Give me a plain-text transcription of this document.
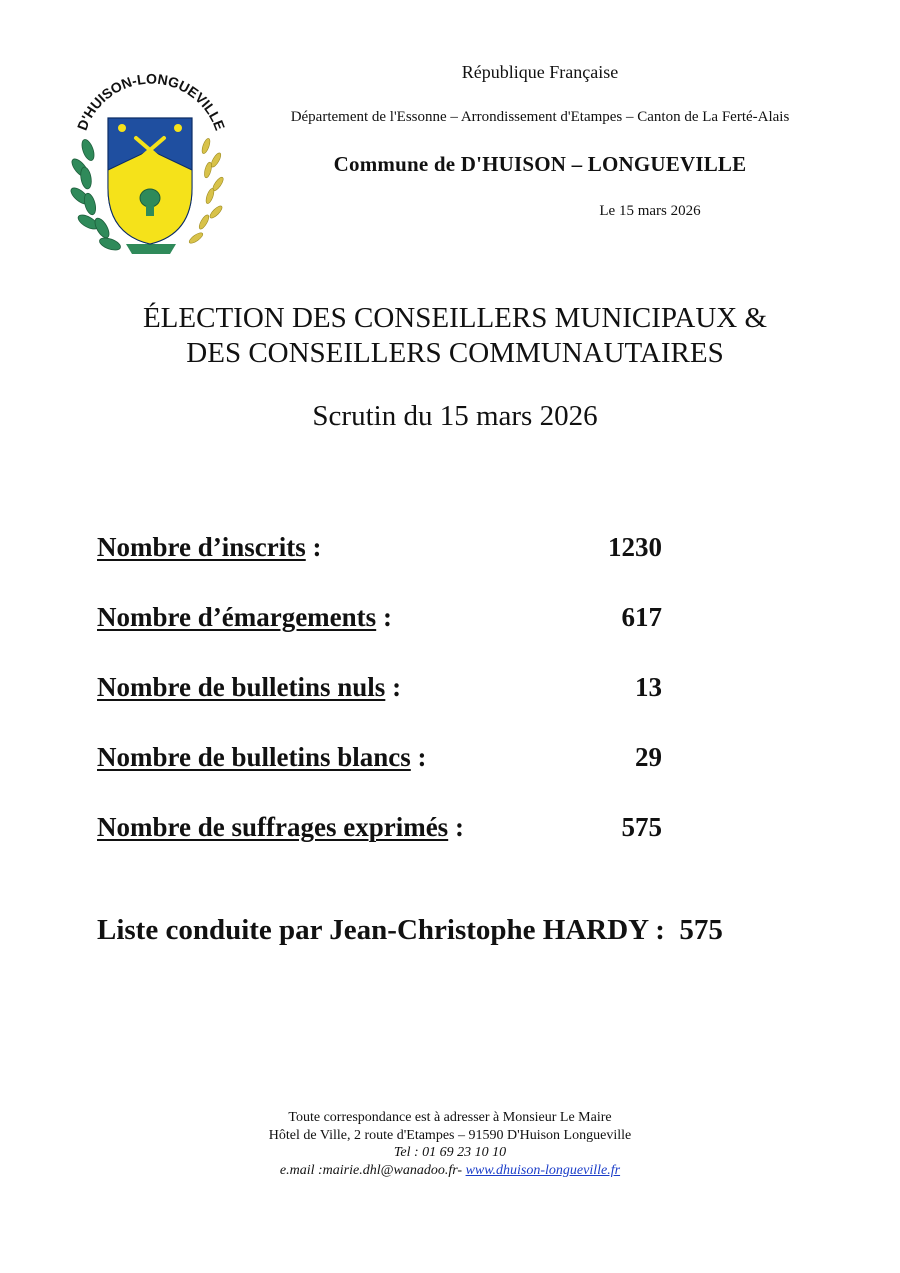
D'HUISON-LONGUEVILLE
République Française
Département de l'Essonne – Arrondissement d'Etampes – Canton de La Ferté-Alais
Commune de D'HUISON – LONGUEVILLE
Le 15 mars 2026
ÉLECTION DES CONSEILLERS MUNICIPAUX &
DES CONSEILLERS COMMUNAUTAIRES
Scrutin du 15 mars 2026
Nombre d’inscrits :	1230
Nombre d’émargements :	617
Nombre de bulletins nuls :	13
Nombre de bulletins blancs :	29
Nombre de suffrages exprimés :	575
Liste conduite par Jean-Christophe HARDY : 575
Toute correspondance est à adresser à Monsieur Le Maire
Hôtel de Ville, 2 route d'Etampes – 91590 D'Huison Longueville
Tel : 01 69 23 10 10
e.mail :mairie.dhl@wanadoo.fr- www.dhuison-longueville.fr
